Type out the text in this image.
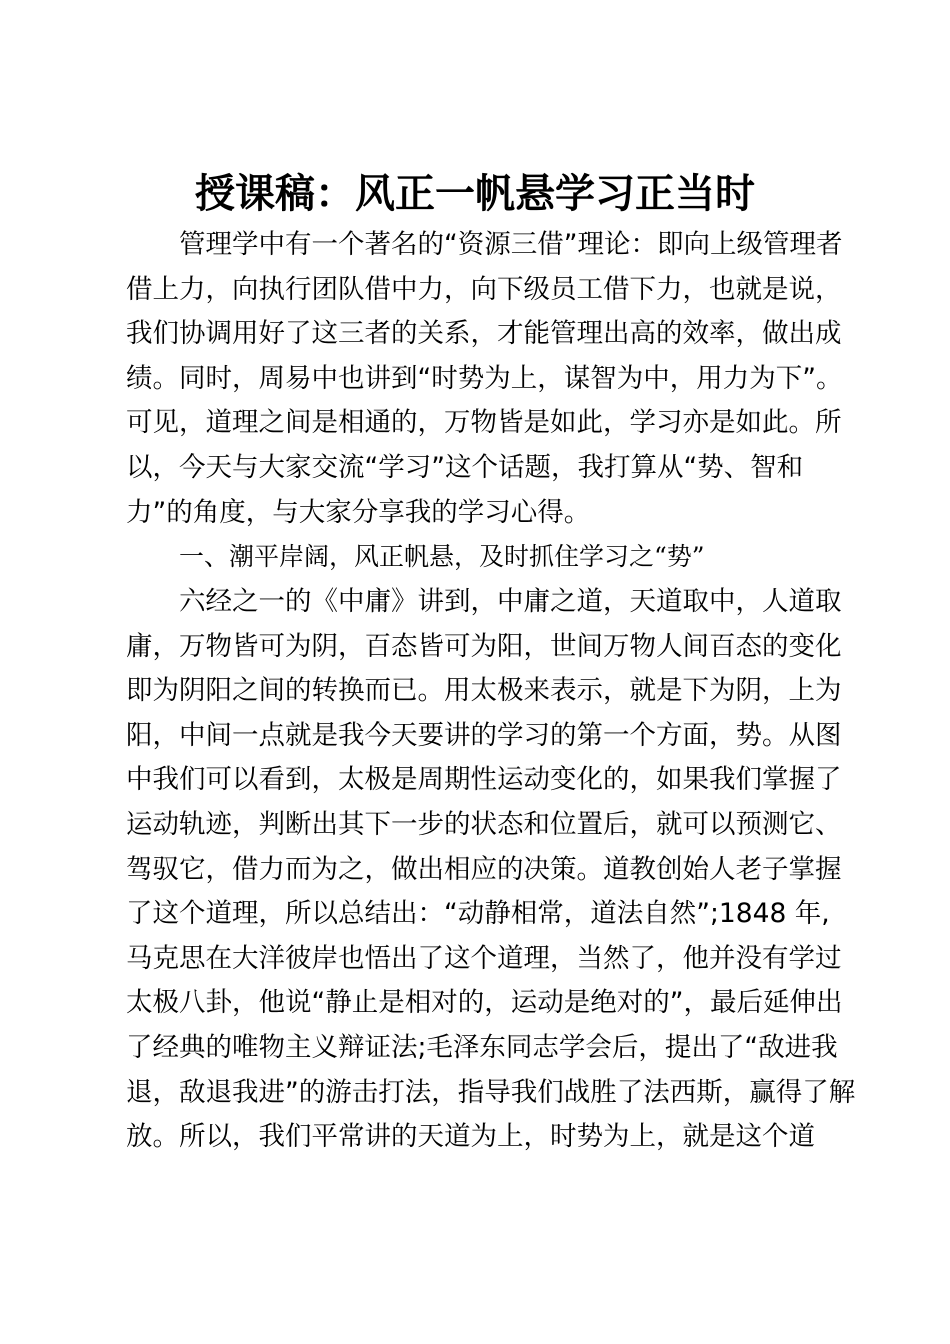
授课稿：风正一帆悬学习正当时
管理学中有一个著名的“资源三借”理论：即向上级管理者
借上力，向执行团队借中力，向下级员工借下力，也就是说，
我们协调用好了这三者的关系，才能管理出高的效率，做出成
绩。同时，周易中也讲到“时势为上，谋智为中，用力为下”。
可见，道理之间是相通的，万物皆是如此，学习亦是如此。所
以，今天与大家交流“学习”这个话题，我打算从“势、智和
力”的角度，与大家分享我的学习心得。
一、潮平岸阔，风正帆悬，及时抓住学习之“势”
六经之一的《中庸》讲到，中庸之道，天道取中，人道取
庸，万物皆可为阴，百态皆可为阳，世间万物人间百态的变化
即为阴阳之间的转换而已。用太极来表示，就是下为阴，上为
阳，中间一点就是我今天要讲的学习的第一个方面，势。从图
中我们可以看到，太极是周期性运动变化的，如果我们掌握了
运动轨迹，判断出其下一步的状态和位置后，就可以预测它、
驾驭它，借力而为之，做出相应的决策。道教创始人老子掌握
了这个道理，所以总结出：“动静相常，道法自然”;1848 年,
马克思在大洋彼岸也悟出了这个道理，当然了，他并没有学过
太极八卦，他说“静止是相对的，运动是绝对的”，最后延伸出
了经典的唯物主义辩证法;毛泽东同志学会后，提出了“敌进我
退，敌退我进”的游击打法，指导我们战胜了法西斯，赢得了解
放。所以，我们平常讲的天道为上，时势为上，就是这个道
